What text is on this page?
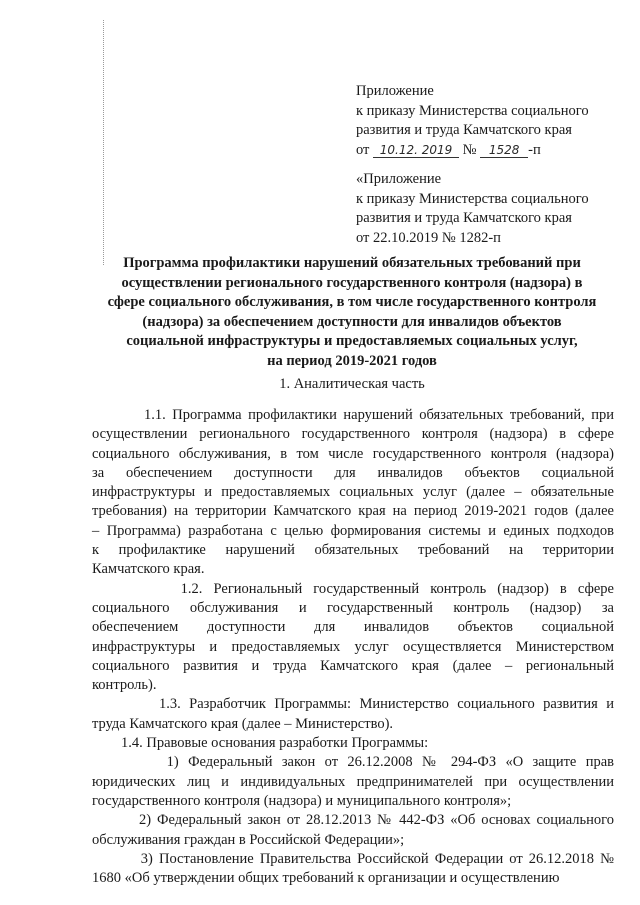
Приложение
к приказу Министерства социального
развития и труда Камчатского края
от 10.12. 2019 № 1528 -п
«Приложение
к приказу Министерства социального
развития и труда Камчатского края
от 22.10.2019 № 1282-п
Программа профилактики нарушений обязательных требований при
осуществлении регионального государственного контроля (надзора) в
сфере социального обслуживания, в том числе государственного контроля
(надзора) за обеспечением доступности для инвалидов объектов
социальной инфраструктуры и предоставляемых социальных услуг,
на период 2019-2021 годов
1. Аналитическая часть

1.1. Программа профилактики нарушений обязательных требований, при
осуществлении регионального государственного контроля (надзора) в сфере
социального обслуживания, в том числе государственного контроля (надзора)
за обеспечением доступности для инвалидов объектов социальной
инфраструктуры и предоставляемых социальных услуг (далее – обязательные
требования) на территории Камчатского края на период 2019-2021 годов (далее
– Программа) разработана с целью формирования системы и единых подходов
к профилактике нарушений обязательных требований на территории
Камчатского края.

1.2. Региональный государственный контроль (надзор) в сфере
социального обслуживания и государственный контроль (надзор) за
обеспечением доступности для инвалидов объектов социальной
инфраструктуры и предоставляемых услуг осуществляется Министерством
социального развития и труда Камчатского края (далее – региональный
контроль).

1.3. Разработчик Программы: Министерство социального развития и
труда Камчатского края (далее – Министерство).

1.4. Правовые основания разработки Программы:

1) Федеральный закон от 26.12.2008 № 294-ФЗ «О защите прав
юридических лиц и индивидуальных предпринимателей при осуществлении
государственного контроля (надзора) и муниципального контроля»;

2) Федеральный закон от 28.12.2013 № 442-ФЗ «Об основах социального
обслуживания граждан в Российской Федерации»;

3) Постановление Правительства Российской Федерации от 26.12.2018 №
1680 «Об утверждении общих требований к организации и осуществлению
